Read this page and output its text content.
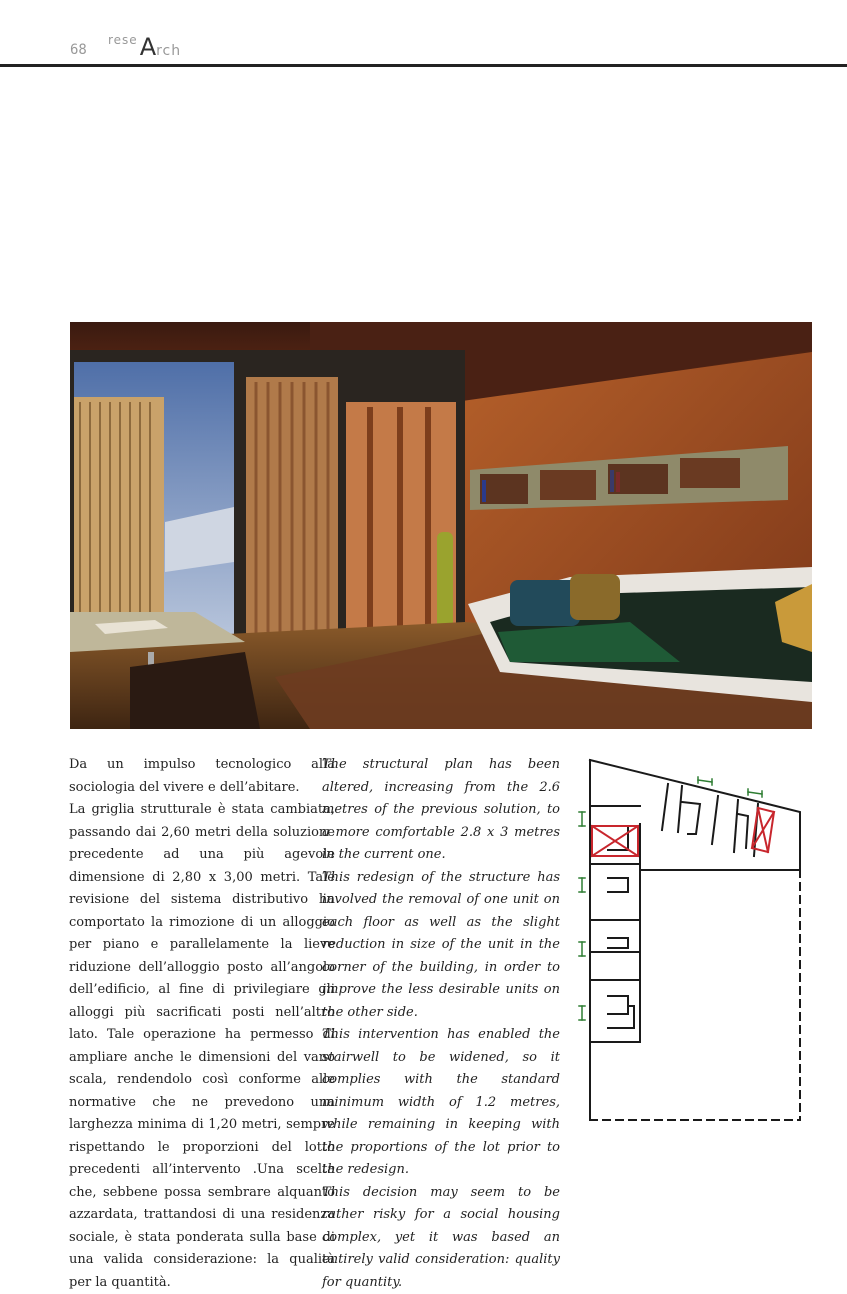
68
$^{rese}$Arch

Da un impulso tecnologico alla sociologia del vivere e dell’abitare.

La griglia strutturale è stata cambiata, passando dai 2,60 metri della soluzione precedente ad una più agevole dimensione di 2,80 x 3,00 metri. Tale revisione del sistema distributivo ha comportato la rimozione di un alloggio per piano e parallelamente la lieve riduzione dell’alloggio posto all’angolo dell’edificio, al fine di privilegiare gli alloggi più sacrificati posti nell’altro lato. Tale operazione ha permesso di ampliare anche le dimensioni del vano scala, rendendolo così conforme alle normative che ne prevedono una larghezza minima di 1,20 metri, sempre rispettando le proporzioni del lotto precedenti all’intervento .Una scelta che, sebbene possa sembrare alquanto azzardata, trattandosi di una residenza sociale, è stata ponderata sulla base di una valida considerazione: la qualità per la quantità.

The structural plan has been altered, increasing from the 2.6 metres of the previous solution, to a more comfortable 2.8 x 3 metres in the current one.

This redesign of the structure has involved the removal of one unit on each floor as well as the slight reduction in size of the unit in the corner of the building, in order to improve the less desirable units on the other side.

This intervention has enabled the stairwell to be widened, so it complies with the standard minimum width of 1.2 metres, while remaining in keeping with the proportions of the lot prior to the redesign.

This decision may seem to be rather risky for a social housing complex, yet it was based an entirely valid consideration: quality for quantity.
